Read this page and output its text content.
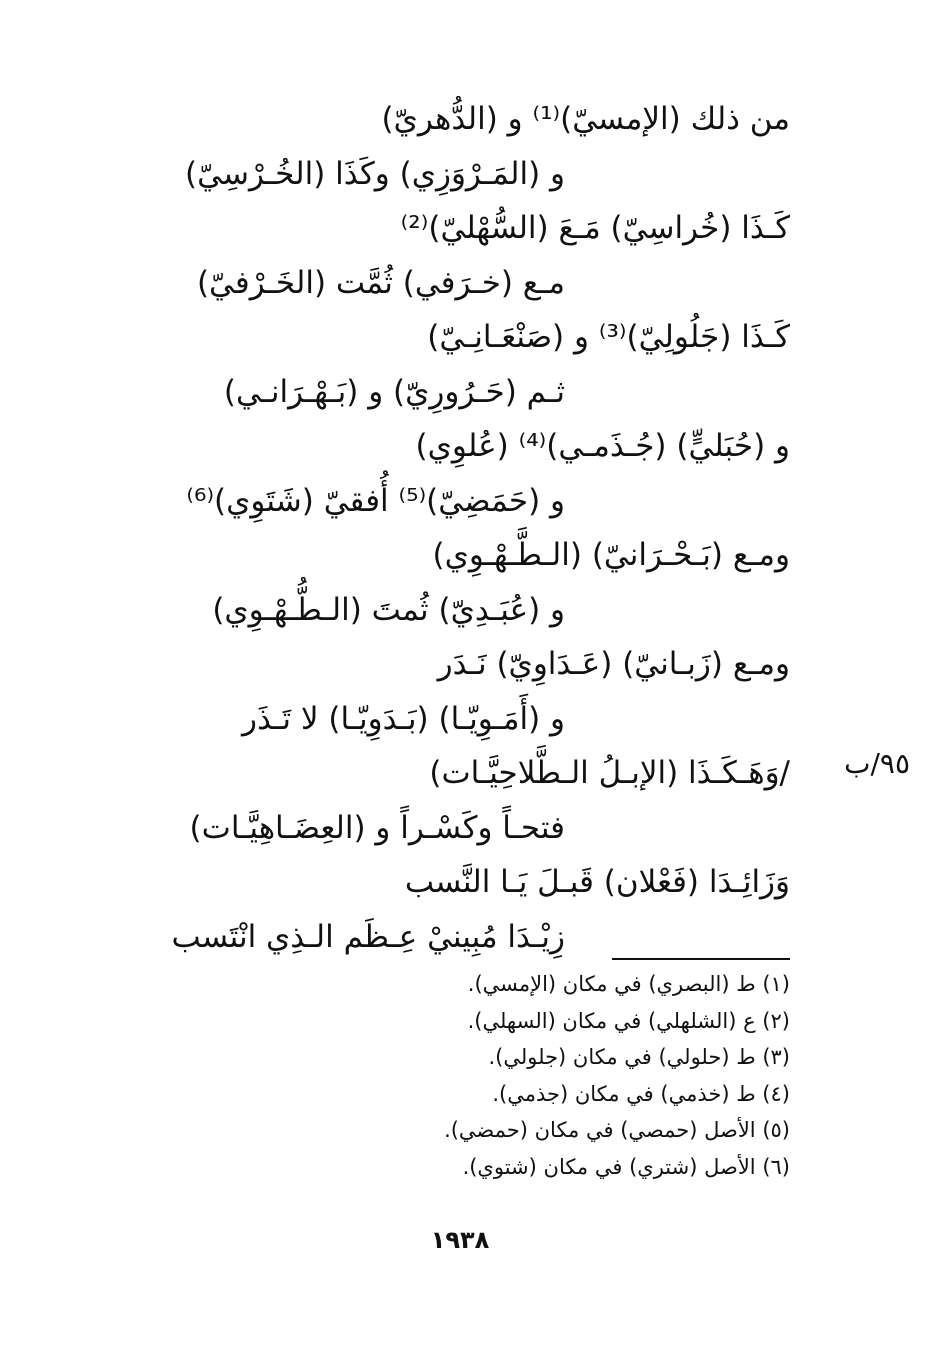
من ذلك (الإمسيّ)⁽¹⁾ و (الدُّهريّ)
و (المَـرْوَزِي) وكَذَا (الخُـرْسِيّ)
كَـذَا (خُراسِيّ) مَـعَ (السُّهْليّ)⁽²⁾
مـع (خـرَفي) ثُمَّت (الخَـرْفيّ)
كَـذَا (جَلُولِيّ)⁽³⁾ و (صَنْعَـانِـيّ)
ثـم (حَـرُورِيّ) و (بَـهْـرَانـي)
و (حُبَليٍّ) (جُـذَمـي)⁽⁴⁾ (عُلوِي)
و (حَمَضِيّ)⁽⁵⁾ أُفقيّ (شَتَوِي)⁽⁶⁾
ومـع (بَـحْـرَانيّ) (الـطَّـهْـوِي)
و (عُبَـدِيّ) ثُمتَ (الـطُّـهْـوِي)
ومـع (زَبـانيّ) (عَـدَاوِيّ) نَـدَر
و (أَمَـوِيّـا) (بَـدَوِيّـا) لا تَـذَر
/وَهَـكَـذَا (الإبـلُ الـطَّلاحِيَّـات)
فتحـاً وكَسْـراً و (العِضَـاهِيَّـات)
وَزَائِـدَا (فَعْلان) قَبـلَ يَـا النَّسب
زِيْـدَا مُبِينيْ عِـظَم الـذِي انْتَسب
٩٥/ب
(١) ط (البصري) في مكان (الإمسي).
(٢) ع (الشلهلي) في مكان (السهلي).
(٣) ط (حلولي) في مكان (جلولي).
(٤) ط (خذمي) في مكان (جذمي).
(٥) الأصل (حمصي) في مكان (حمضي).
(٦) الأصل (شتري) في مكان (شتوي).
١٩٣٨
